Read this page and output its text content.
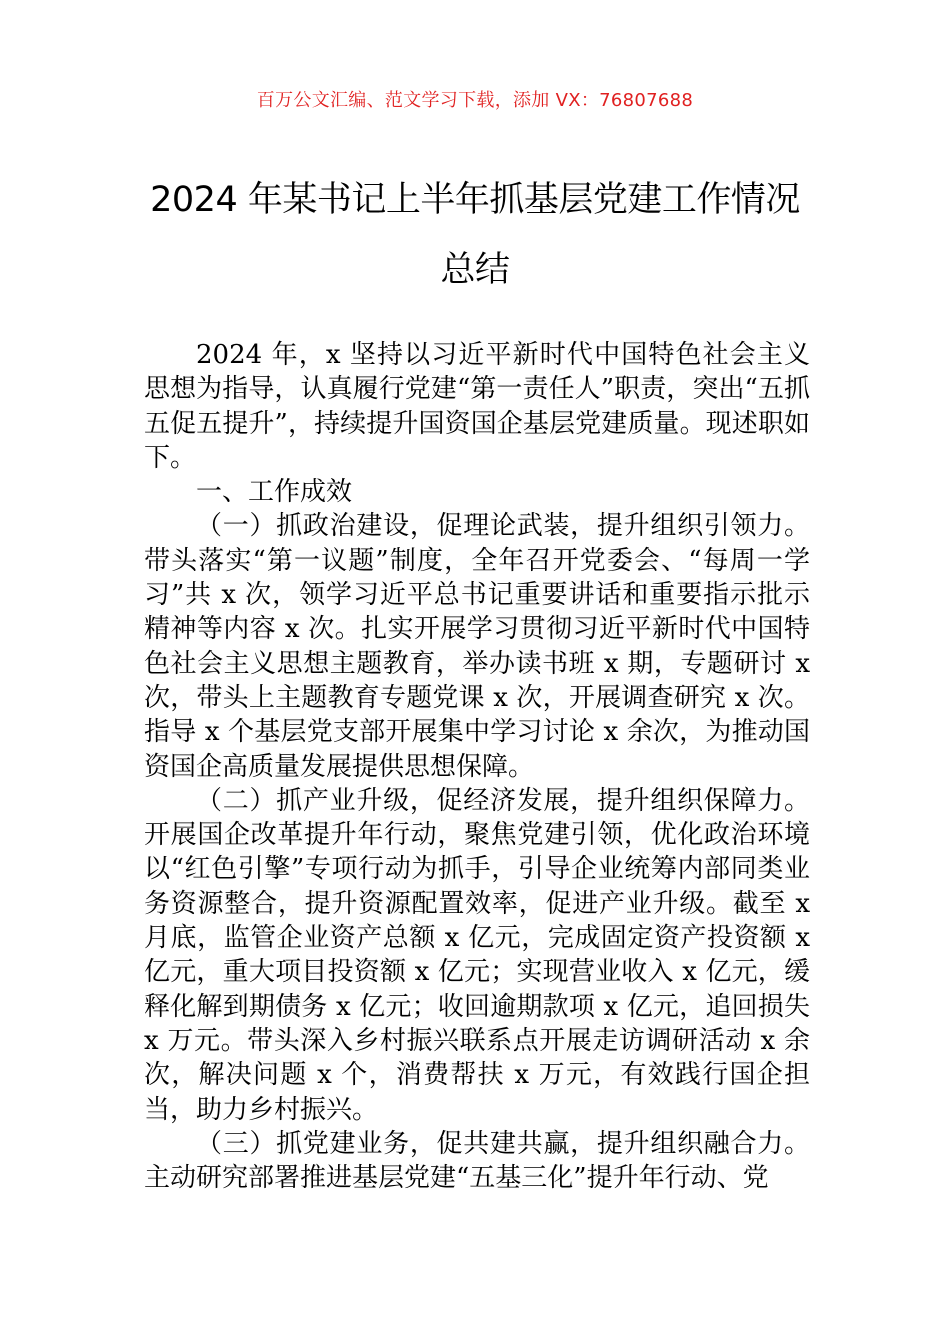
百万公文汇编、范文学习下载，添加 VX：76807688
2024 年某书记上半年抓基层党建工作情况
总结

2024 年，x 坚持以习近平新时代中国特色社会主义思想为指导，认真履行党建“第一责任人”职责，突出“五抓五促五提升”，持续提升国资国企基层党建质量。现述职如下。

一、工作成效

（一）抓政治建设，促理论武装，提升组织引领力。带头落实“第一议题”制度，全年召开党委会、“每周一学习”共 x 次，领学习近平总书记重要讲话和重要指示批示精神等内容 x 次。扎实开展学习贯彻习近平新时代中国特色社会主义思想主题教育，举办读书班 x 期，专题研讨 x 次，带头上主题教育专题党课 x 次，开展调查研究 x 次。指导 x 个基层党支部开展集中学习讨论 x 余次，为推动国资国企高质量发展提供思想保障。

（二）抓产业升级，促经济发展，提升组织保障力。开展国企改革提升年行动，聚焦党建引领，优化政治环境以“红色引擎”专项行动为抓手，引导企业统筹内部同类业务资源整合，提升资源配置效率，促进产业升级。截至 x 月底，监管企业资产总额 x 亿元，完成固定资产投资额 x 亿元，重大项目投资额 x 亿元；实现营业收入 x 亿元，缓释化解到期债务 x 亿元；收回逾期款项 x 亿元，追回损失 x 万元。带头深入乡村振兴联系点开展走访调研活动 x 余次，解决问题 x 个，消费帮扶 x 万元，有效践行国企担当，助力乡村振兴。

（三）抓党建业务，促共建共赢，提升组织融合力。主动研究部署推进基层党建“五基三化”提升年行动、党
